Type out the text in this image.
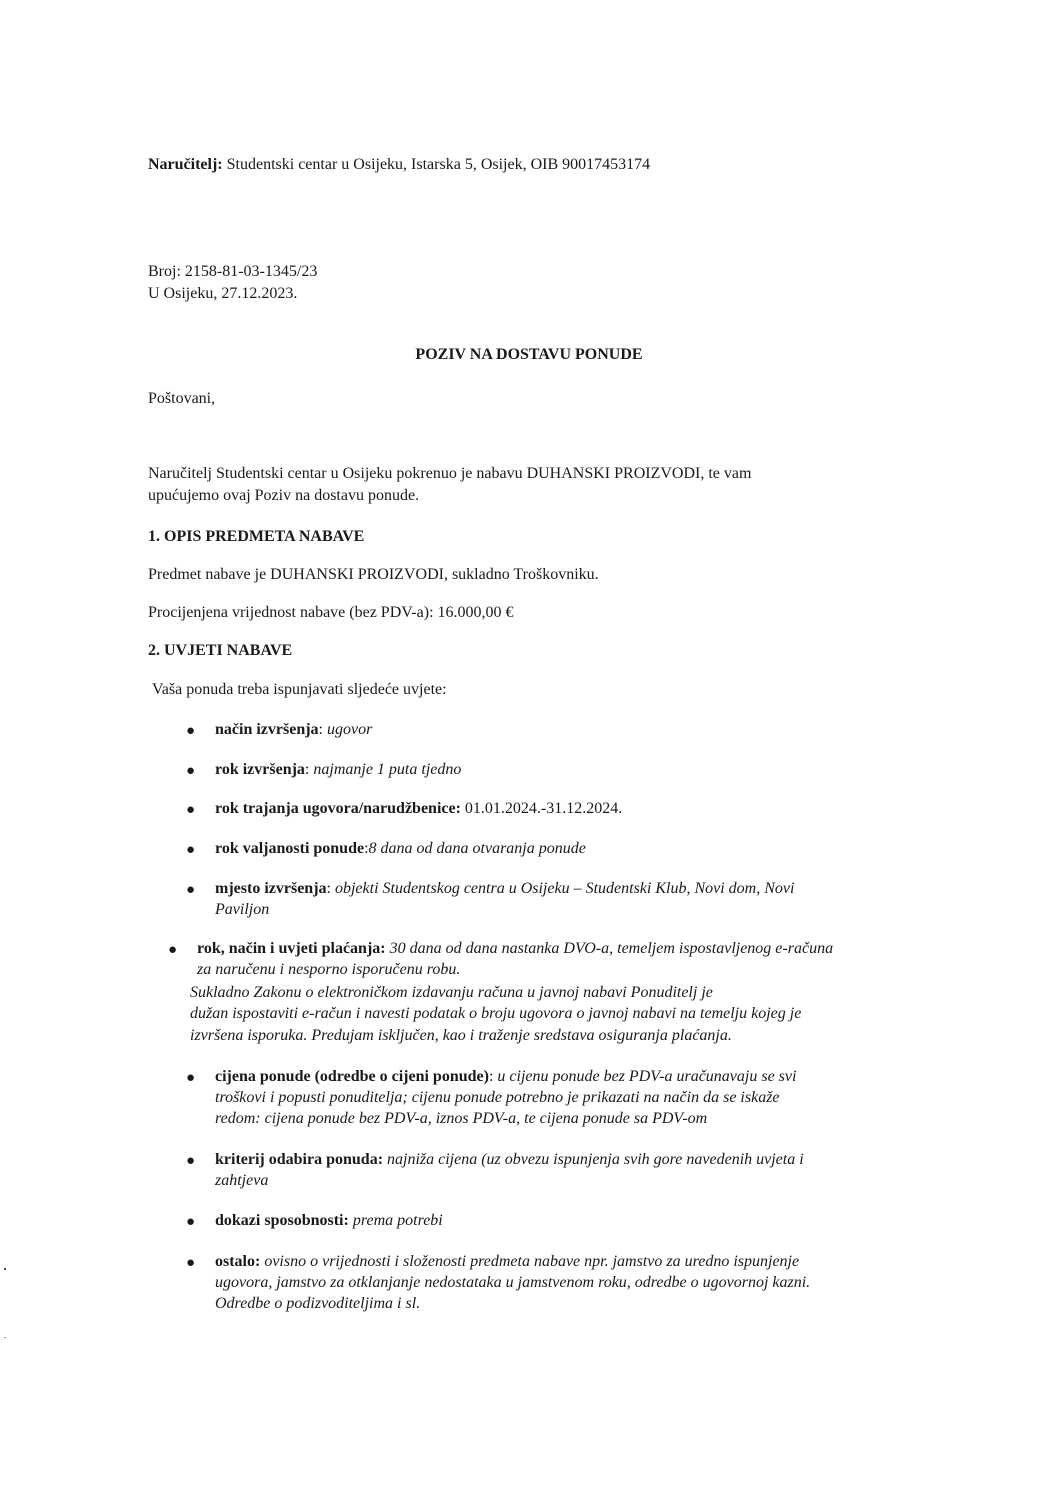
Naručitelj: Studentski centar u Osijeku, Istarska 5, Osijek, OIB 90017453174
Broj: 2158-81-03-1345/23
U Osijeku, 27.12.2023.
POZIV NA DOSTAVU PONUDE
Poštovani,
Naručitelj Studentski centar u Osijeku pokrenuo je nabavu DUHANSKI PROIZVODI, te vam
upućujemo ovaj Poziv na dostavu ponude.
1. OPIS PREDMETA NABAVE
Predmet nabave je DUHANSKI PROIZVODI, sukladno Troškovniku.
Procijenjena vrijednost nabave (bez PDV-a): 16.000,00 €
2. UVJETI NABAVE
Vaša ponuda treba ispunjavati sljedeće uvjete:
● način izvršenja: ugovor
● rok izvršenja: najmanje 1 puta tjedno
● rok trajanja ugovora/narudžbenice: 01.01.2024.-31.12.2024.
● rok valjanosti ponude:8 dana od dana otvaranja ponude
● mjesto izvršenja: objekti Studentskog centra u Osijeku – Studentski Klub, Novi dom, Novi
Paviljon
● rok, način i uvjeti plaćanja: 30 dana od dana nastanka DVO-a, temeljem ispostavljenog e-računa
za naručenu i nesporno isporučenu robu.
Sukladno Zakonu o elektroničkom izdavanju računa u javnoj nabavi Ponuditelj je
dužan ispostaviti e-račun i navesti podatak o broju ugovora o javnoj nabavi na temelju kojeg je
izvršena isporuka. Predujam isključen, kao i traženje sredstava osiguranja plaćanja.
● cijena ponude (odredbe o cijeni ponude): u cijenu ponude bez PDV-a uračunavaju se svi
troškovi i popusti ponuditelja; cijenu ponude potrebno je prikazati na način da se iskaže
redom: cijena ponude bez PDV-a, iznos PDV-a, te cijena ponude sa PDV-om
● kriterij odabira ponuda: najniža cijena (uz obvezu ispunjenja svih gore navedenih uvjeta i
zahtjeva
● dokazi sposobnosti: prema potrebi
● ostalo: ovisno o vrijednosti i složenosti predmeta nabave npr. jamstvo za uredno ispunjenje
ugovora, jamstvo za otklanjanje nedostataka u jamstvenom roku, odredbe o ugovornoj kazni.
Odredbe o podizvoditeljima i sl.
